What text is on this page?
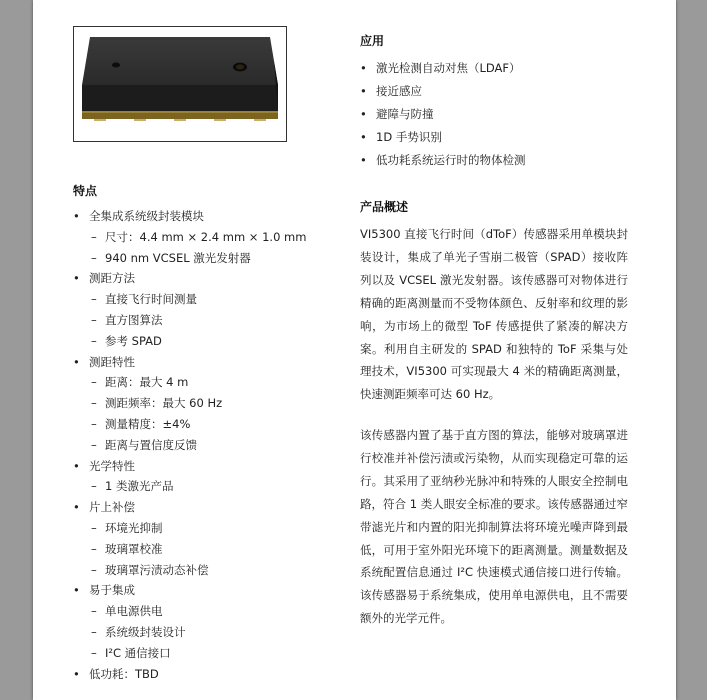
特点
• 全集成系统级封装模块
– 尺寸：4.4 mm × 2.4 mm × 1.0 mm
– 940 nm VCSEL 激光发射器
• 测距方法
– 直接飞行时间测量
– 直方图算法
– 参考 SPAD
• 测距特性
– 距离：最大 4 m
– 测距频率：最大 60 Hz
– 测量精度：±4%
– 距离与置信度反馈
• 光学特性
– 1 类激光产品
• 片上补偿
– 环境光抑制
– 玻璃罩校准
– 玻璃罩污渍动态补偿
• 易于集成
– 单电源供电
– 系统级封装设计
– I²C 通信接口
• 低功耗：TBD
应用
• 激光检测自动对焦（LDAF）
• 接近感应
• 避障与防撞
• 1D 手势识别
• 低功耗系统运行时的物体检测
产品概述

VI5300 直接飞行时间（dToF）传感器采用单模块封装设计，集成了单光子雪崩二极管（SPAD）接收阵列以及 VCSEL 激光发射器。该传感器可对物体进行精确的距离测量而不受物体颜色、反射率和纹理的影响，为市场上的微型 ToF 传感提供了紧凑的解决方案。利用自主研发的 SPAD 和独特的 ToF 采集与处理技术，VI5300 可实现最大 4 米的精确距离测量，快速测距频率可达 60 Hz。

该传感器内置了基于直方图的算法，能够对玻璃罩进行校准并补偿污渍或污染物，从而实现稳定可靠的运行。其采用了亚纳秒光脉冲和特殊的人眼安全控制电路，符合 1 类人眼安全标准的要求。该传感器通过窄带滤光片和内置的阳光抑制算法将环境光噪声降到最低，可用于室外阳光环境下的距离测量。测量数据及系统配置信息通过 I²C 快速模式通信接口进行传输。该传感器易于系统集成，使用单电源供电，且不需要额外的光学元件。
